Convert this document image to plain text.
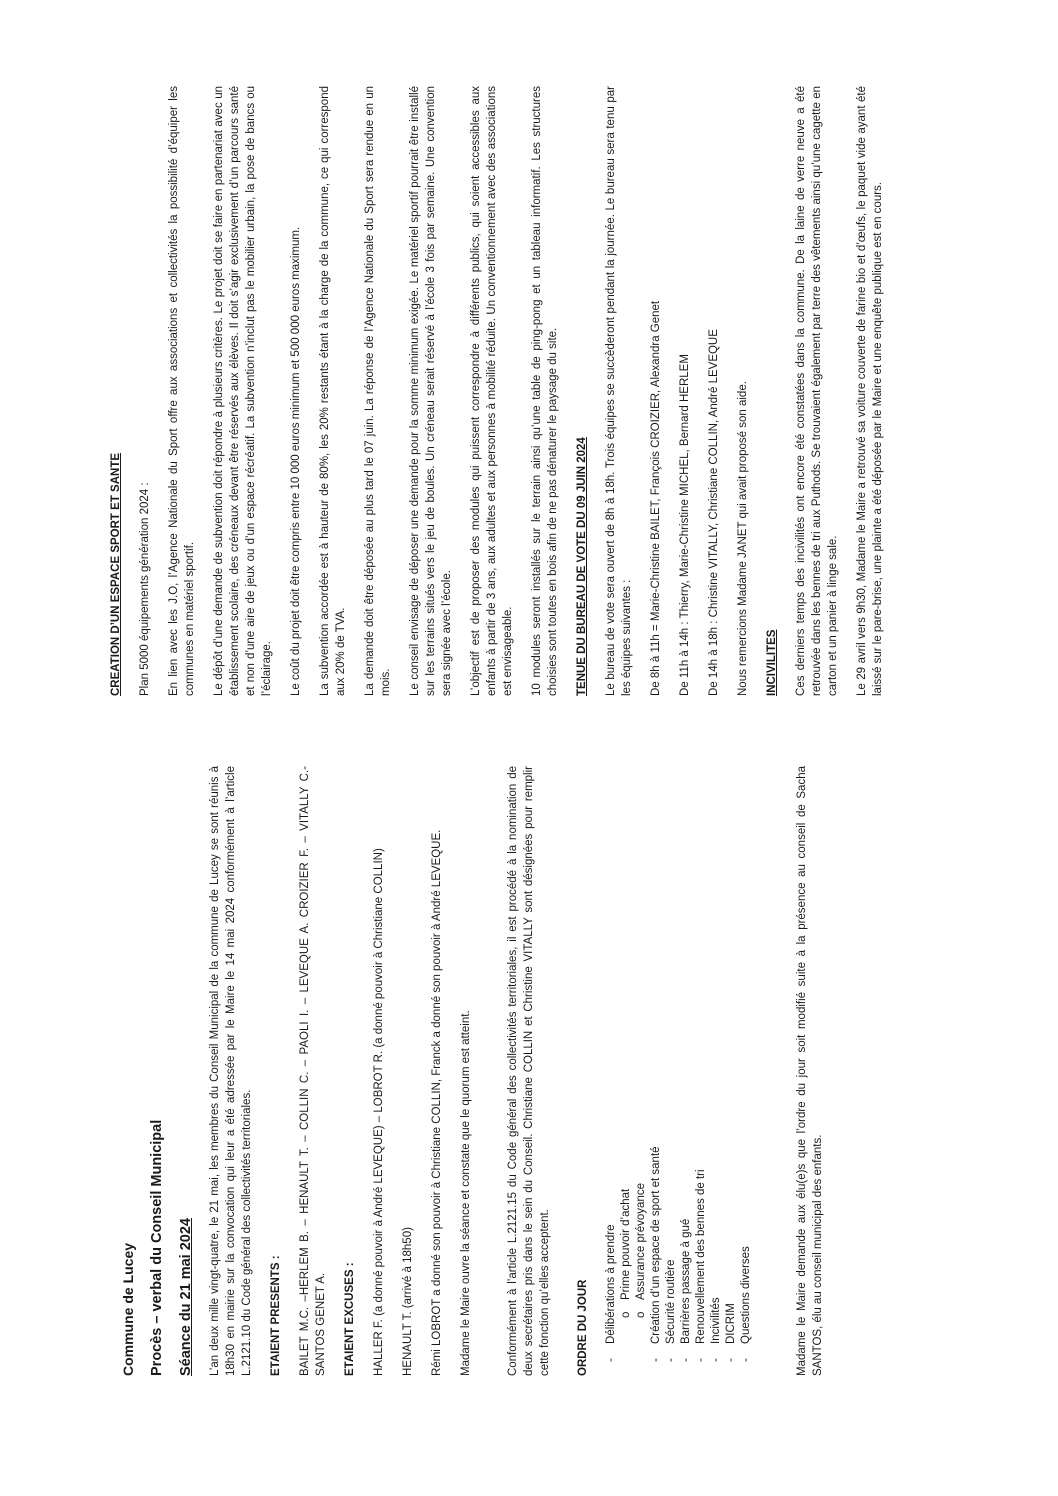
Commune de Lucey Procès – verbal du Conseil Municipal Séance du 21 mai 2024 L’an deux mille vingt-quatre, le 21 mai, les membres du Conseil Municipal de la commune de Lucey se sont réunis à 18h30 en mairie sur la convocation qui leur a été adressée par le Maire le 14 mai 2024 conformément à l’article L.2121.10 du Code général des collectivités territoriales. ETAIENT PRESENTS : BAILET M.C. –HERLEM B. – HENAULT T. – COLLIN C. – PAOLI I. – LEVEQUE A. CROIZIER F. – VITALLY C.- SANTOS GENET A. ETAIENT EXCUSES : HALLER F. (a donné pouvoir à André LEVEQUE) – LOBROT R. (a donné pouvoir à Christiane COLLIN) HENAULT T. (arrivé à 18h50) Rémi LOBROT a donné son pouvoir à Christiane COLLIN, Franck a donné son pouvoir à André LEVEQUE. Madame le Maire ouvre la séance et constate que le quorum est atteint.	Conformément à l’article L.2121.15 du Code général des collectivités territoriales, il est procédé à la nomination de deux secrétaires pris dans le sein du Conseil. Christiane COLLIN et Christine VITALLY sont désignées pour remplir cette fonction qu’elles acceptent. ORDRE DU JOUR - Délibérations à prendre o Prime pouvoir d’achat o Assurance prévoyance - Création d’un espace de sport et santé - Sécurité routière - Barrières passage à gué - Renouvellement des bennes de tri - Incivilités - DICRIM - Questions diverses	Madame le Maire demande aux élu(e)s que l’ordre du jour soit modifié suite à la présence au conseil de Sacha SANTOS, élu au conseil municipal des enfants.

CREATION D’UN ESPACE SPORT ET SANTE Plan 5000 équipements génération 2024 : En lien avec les J.O, l’Agence Nationale du Sport offre aux associations et collectivités la possibilité d’équiper les communes en matériel sportif. Le dépôt d’une demande de subvention doit répondre à plusieurs critères. Le projet doit se faire en partenariat avec un établissement scolaire, des créneaux devant être réservés aux élèves. Il doit s’agir exclusivement d’un parcours santé et non d’une aire de jeux ou d’un espace récréatif. La subvention n’inclut pas le mobilier urbain, la pose de bancs ou l’éclairage. Le coût du projet doit être compris entre 10 000 euros minimum et 500 000 euros maximum. La subvention accordée est à hauteur de 80%, les 20% restants étant à la charge de la commune, ce qui correspond aux 20% de TVA. La demande doit être déposée au plus tard le 07 juin. La réponse de l’Agence Nationale du Sport sera rendue en un mois. Le conseil envisage de déposer une demande pour la somme minimum exigée. Le matériel sportif pourrait être installé sur les terrains situés vers le jeu de boules. Un créneau serait réservé à l’école 3 fois par semaine. Une convention sera signée avec l’école. L’objectif est de proposer des modules qui puissent correspondre à différents publics, qui soient accessibles aux enfants à partir de 3 ans, aux adultes et aux personnes à mobilité réduite. Un conventionnement avec des associations est envisageable. 10 modules seront installés sur le terrain ainsi qu’une table de ping-pong et un tableau informatif. Les structures choisies sont toutes en bois afin de ne pas dénaturer le paysage du site. TENUE DU BUREAU DE VOTE DU 09 JUIN 2024 Le bureau de vote sera ouvert de 8h à 18h. Trois équipes se succèderont pendant la journée. Le bureau sera tenu par les équipes suivantes : De 8h à 11h = Marie-Christine BAILET, François CROIZIER, Alexandra Genet De 11h à 14h : Thierry, Marie-Christine MICHEL, Bernard HERLEM De 14h à 18h : Christine VITALLY, Christiane COLLIN, André LEVEQUE Nous remercions Madame JANET qui avait proposé son aide. INCIVILITES Ces derniers temps des incivilités ont encore été constatées dans la commune. De la laine de verre neuve a été retrouvée dans les bennes de tri aux Puthods. Se trouvaient également par terre des vêtements ainsi qu’une cagette en carton et un panier à linge sale. Le 29 avril vers 9h30, Madame le Maire a retrouvé sa voiture couverte de farine bio et d’œufs, le paquet vide ayant été laissé sur le pare-brise, une plainte a été déposée par le Maire et une enquête publique est en cours.
